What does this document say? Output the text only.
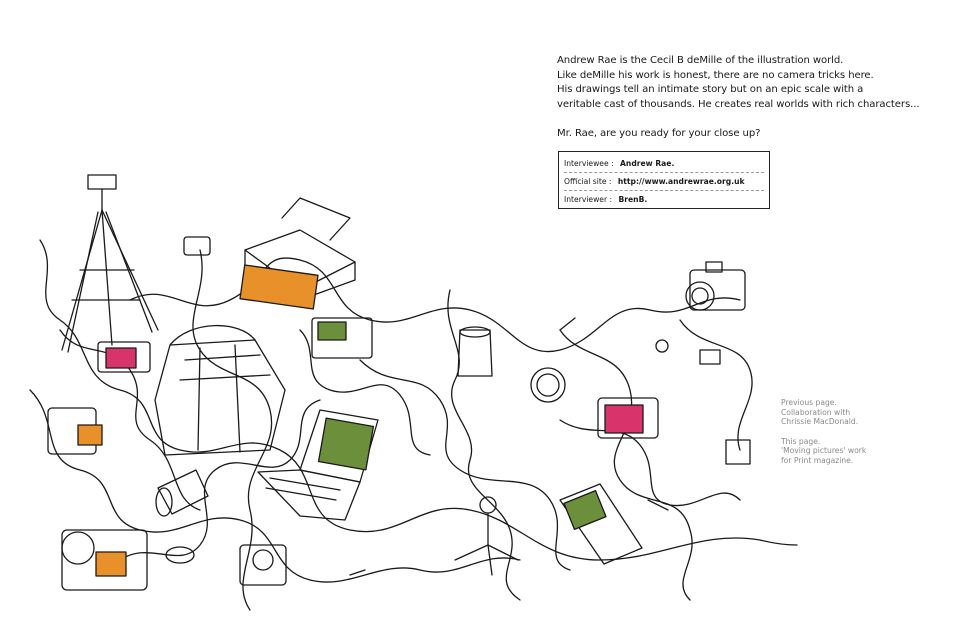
Andrew Rae is the Cecil B deMille of the illustration world.

Like deMille his work is honest, there are no camera tricks here.

His drawings tell an intimate story but on an epic scale with a

veritable cast of thousands. He creates real worlds with rich characters...

Mr. Rae, are you ready for your close up?

Interviewee : Andrew Rae.
Official site : http://www.andrewrae.org.uk
Interviewer : BrenB.

Previous page.

Collaboration with

Chrissie MacDonald.

This page.

'Moving pictures' work

for Print magazine.
